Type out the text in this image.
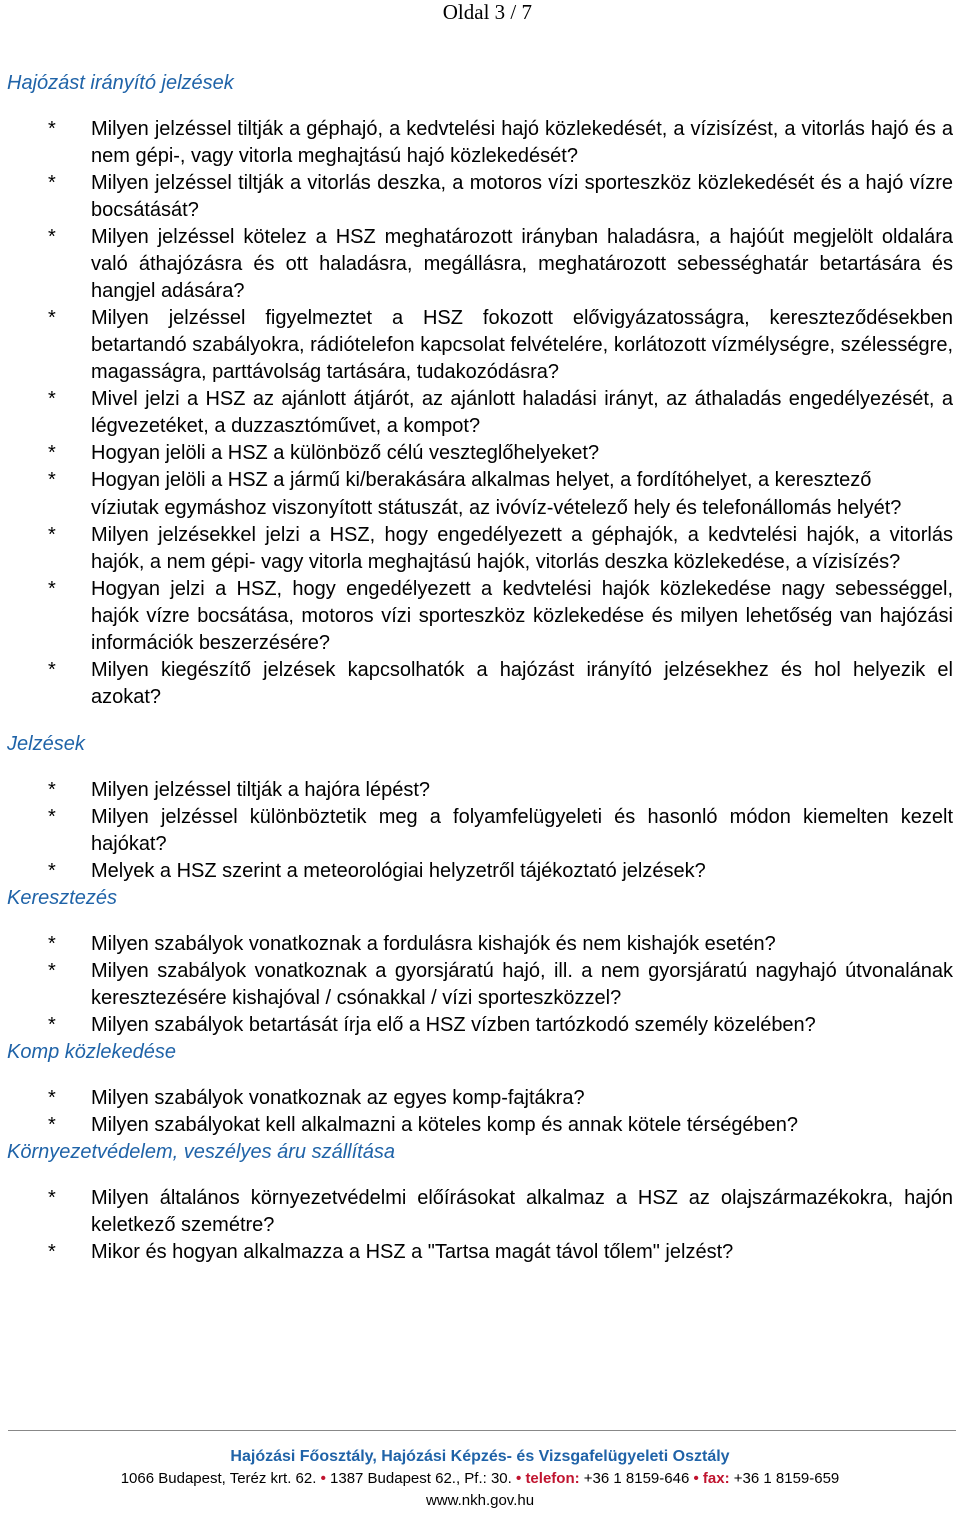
Oldal 3 / 7
Hajózást irányító jelzések
* Milyen jelzéssel tiltják a géphajó, a kedvtelési hajó közlekedését, a vízisízést, a vitorlás hajó és a nem gépi-, vagy vitorla meghajtású hajó közlekedését?
* Milyen jelzéssel tiltják a vitorlás deszka, a motoros vízi sporteszköz közlekedését és a hajó vízre bocsátását?
* Milyen jelzéssel kötelez a HSZ meghatározott irányban haladásra, a hajóút megjelölt oldalára való áthajózásra és ott haladásra, megállásra, meghatározott sebességhatár betartására és hangjel adására?
* Milyen jelzéssel figyelmeztet a HSZ fokozott elővigyázatosságra, kereszteződésekben betartandó szabályokra, rádiótelefon kapcsolat felvételére, korlátozott vízmélységre, szélességre, magasságra, parttávolság tartására, tudakozódásra?
* Mivel jelzi a HSZ az ajánlott átjárót, az ajánlott haladási irányt, az áthaladás engedélyezését, a légvezetéket, a duzzasztóművet, a kompot?
* Hogyan jelöli a HSZ a különböző célú veszteglőhelyeket?
* Hogyan jelöli a HSZ a jármű ki/berakására alkalmas helyet, a fordítóhelyet, a keresztező
víziutak egymáshoz viszonyított státuszát, az ivóvíz-vételező hely és telefonállomás helyét?
* Milyen jelzésekkel jelzi a HSZ, hogy engedélyezett a géphajók, a kedvtelési hajók, a vitorlás hajók, a nem gépi- vagy vitorla meghajtású hajók, vitorlás deszka közlekedése, a vízisízés?
* Hogyan jelzi a HSZ, hogy engedélyezett a kedvtelési hajók közlekedése nagy sebességgel, hajók vízre bocsátása, motoros vízi sporteszköz közlekedése és milyen lehetőség van hajózási információk beszerzésére?
* Milyen kiegészítő jelzések kapcsolhatók a hajózást irányító jelzésekhez és hol helyezik el azokat?
Jelzések
* Milyen jelzéssel tiltják a hajóra lépést?
* Milyen jelzéssel különböztetik meg a folyamfelügyeleti és hasonló módon kiemelten kezelt hajókat?
* Melyek a HSZ szerint a meteorológiai helyzetről tájékoztató jelzések?
Keresztezés
* Milyen szabályok vonatkoznak a fordulásra kishajók és nem kishajók esetén?
* Milyen szabályok vonatkoznak a gyorsjáratú hajó, ill. a nem gyorsjáratú nagyhajó útvonalának keresztezésére kishajóval / csónakkal / vízi sporteszközzel?
* Milyen szabályok betartását írja elő a HSZ vízben tartózkodó személy közelében?
Komp közlekedése
* Milyen szabályok vonatkoznak az egyes komp-fajtákra?
* Milyen szabályokat kell alkalmazni a köteles komp és annak kötele térségében?
Környezetvédelem, veszélyes áru szállítása
* Milyen általános környezetvédelmi előírásokat alkalmaz a HSZ az olajszármazékokra, hajón keletkező szemétre?
* Mikor és hogyan alkalmazza a HSZ a "Tartsa magát távol tőlem" jelzést?
Hajózási Főosztály, Hajózási Képzés- és Vizsgafelügyeleti Osztály
1066 Budapest, Teréz krt. 62. • 1387 Budapest 62., Pf.: 30. • telefon: +36 1 8159-646 • fax: +36 1 8159-659
www.nkh.gov.hu
